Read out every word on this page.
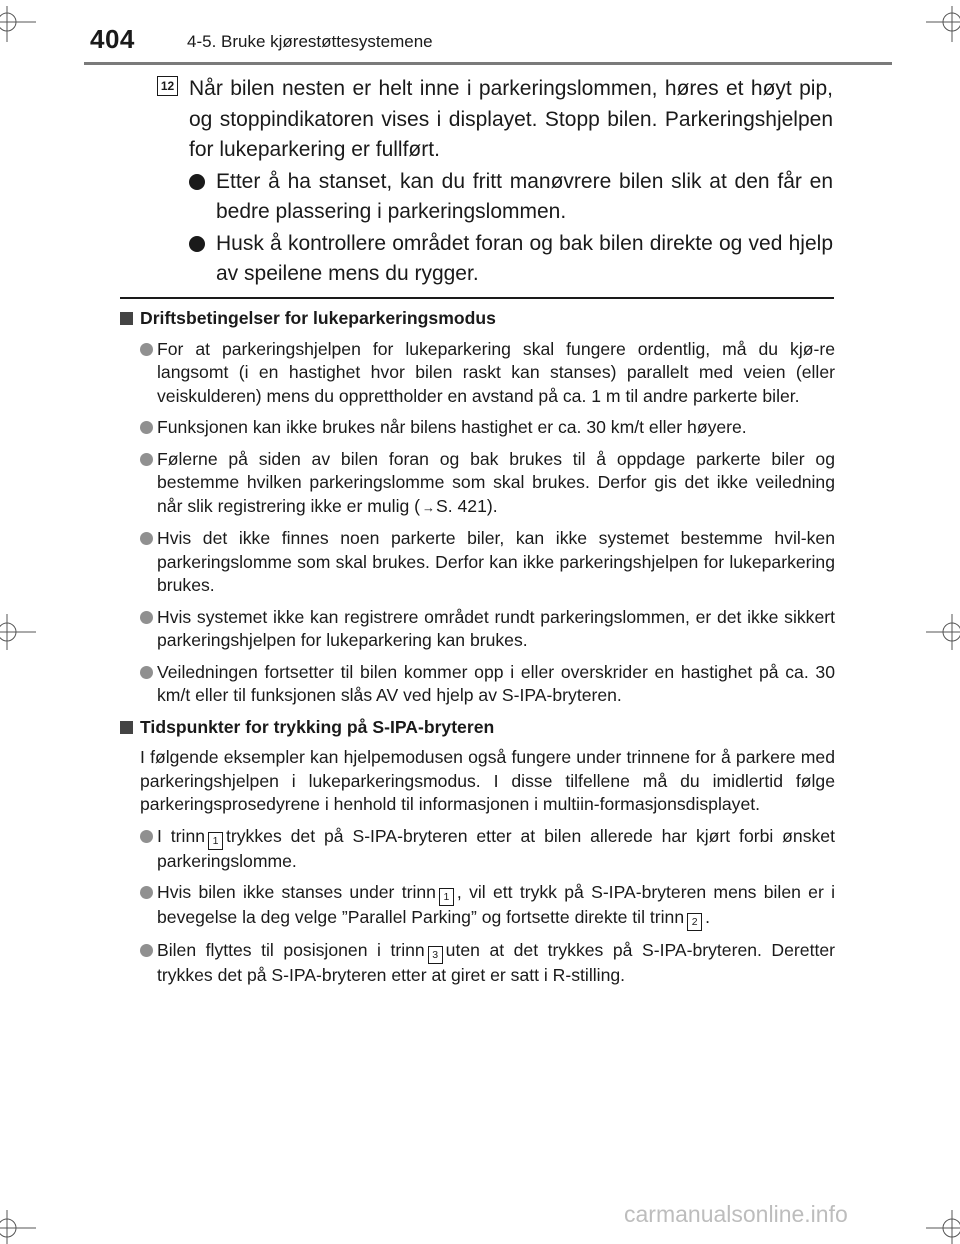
404	4-5. Bruke kjørestøttesystemene
12 Når bilen nesten er helt inne i parkeringslommen, høres et høyt pip, og stoppindikatoren vises i displayet. Stopp bilen. Parkeringshjelpen for lukeparkering er fullført.
Etter å ha stanset, kan du fritt manøvrere bilen slik at den får en bedre plassering i parkeringslommen.
Husk å kontrollere området foran og bak bilen direkte og ved hjelp av speilene mens du rygger.
Driftsbetingelser for lukeparkeringsmodus
For at parkeringshjelpen for lukeparkering skal fungere ordentlig, må du kjø-re langsomt (i en hastighet hvor bilen raskt kan stanses) parallelt med veien (eller veiskulderen) mens du opprettholder en avstand på ca. 1 m til andre parkerte biler.
Funksjonen kan ikke brukes når bilens hastighet er ca. 30 km/t eller høyere.
Følerne på siden av bilen foran og bak brukes til å oppdage parkerte biler og bestemme hvilken parkeringslomme som skal brukes. Derfor gis det ikke veiledning når slik registrering ikke er mulig ( →S. 421).
Hvis det ikke finnes noen parkerte biler, kan ikke systemet bestemme hvil-ken parkeringslomme som skal brukes. Derfor kan ikke parkeringshjelpen for lukeparkering brukes.
Hvis systemet ikke kan registrere området rundt parkeringslommen, er det ikke sikkert parkeringshjelpen for lukeparkering kan brukes.
Veiledningen fortsetter til bilen kommer opp i eller overskrider en hastighet på ca. 30 km/t eller til funksjonen slås AV ved hjelp av S-IPA-bryteren.
Tidspunkter for trykking på S-IPA-bryteren
I følgende eksempler kan hjelpemodusen også fungere under trinnene for å parkere med parkeringshjelpen i lukeparkeringsmodus. I disse tilfellene må du imidlertid følge parkeringsprosedyrene i henhold til informasjonen i multiin-formasjonsdisplayet.
I trinn 1 trykkes det på S-IPA-bryteren etter at bilen allerede har kjørt forbi ønsket parkeringslomme.
Hvis bilen ikke stanses under trinn 1 , vil ett trykk på S-IPA-bryteren mens bilen er i bevegelse la deg velge ”Parallel Parking” og fortsette direkte til trinn 2 .
Bilen flyttes til posisjonen i trinn 3 uten at det trykkes på S-IPA-bryteren. Deretter trykkes det på S-IPA-bryteren etter at giret er satt i R-stilling.
carmanualsonline.info
